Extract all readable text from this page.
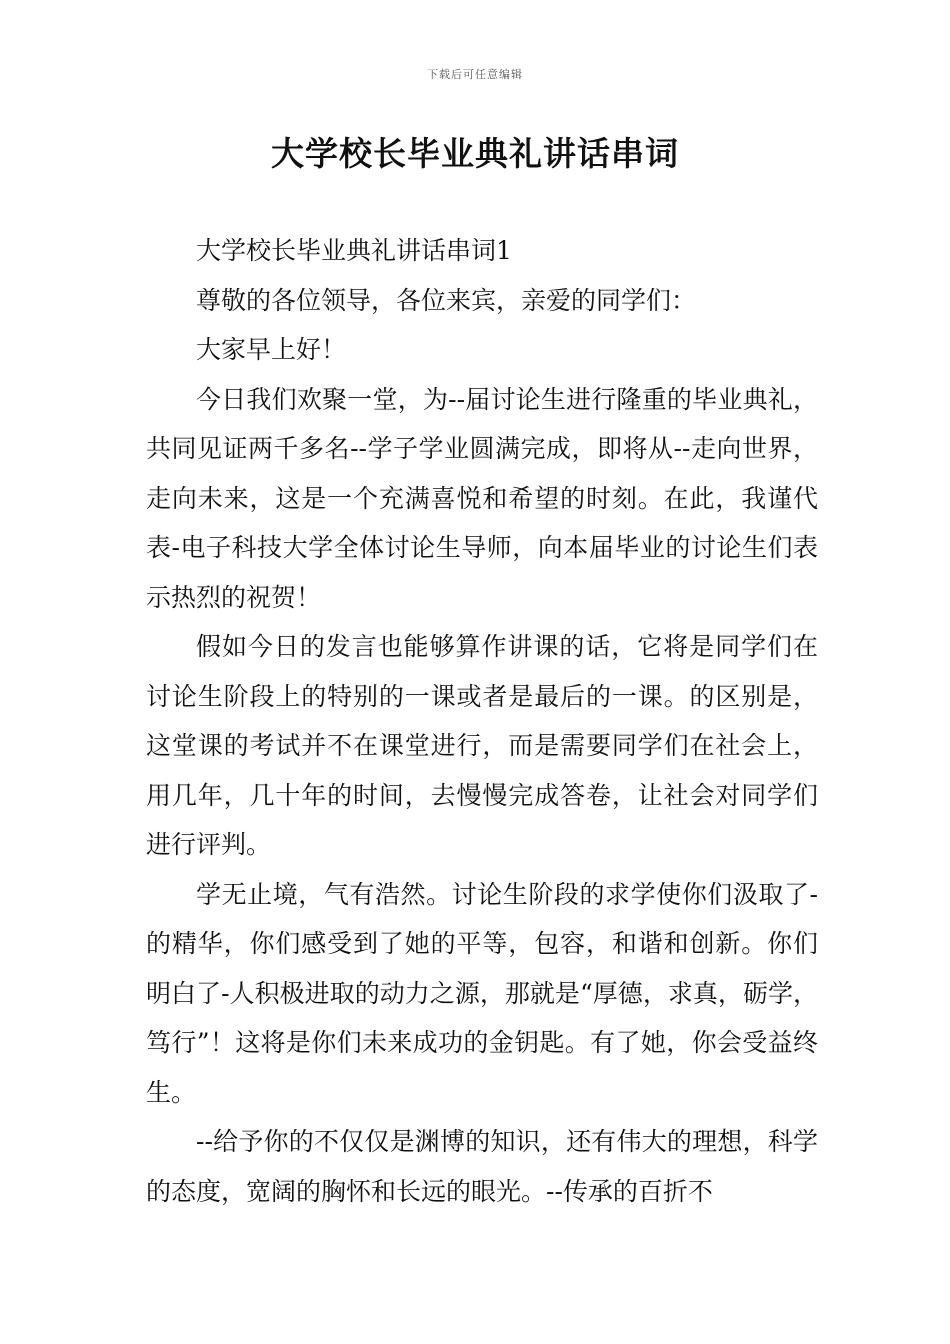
下载后可任意编辑
大学校长毕业典礼讲话串词

大学校长毕业典礼讲话串词1

尊敬的各位领导，各位来宾，亲爱的同学们：

大家早上好！

今日我们欢聚一堂，为--届讨论生进行隆重的毕业典礼，共同见证两千多名--学子学业圆满完成，即将从--走向世界，走向未来，这是一个充满喜悦和希望的时刻。在此，我谨代表-电子科技大学全体讨论生导师，向本届毕业的讨论生们表示热烈的祝贺！

假如今日的发言也能够算作讲课的话，它将是同学们在讨论生阶段上的特别的一课或者是最后的一课。的区别是，这堂课的考试并不在课堂进行，而是需要同学们在社会上，用几年，几十年的时间，去慢慢完成答卷，让社会对同学们进行评判。

学无止境，气有浩然。讨论生阶段的求学使你们汲取了-的精华，你们感受到了她的平等，包容，和谐和创新。你们明白了-人积极进取的动力之源，那就是“厚德，求真，砺学，笃行”！这将是你们未来成功的金钥匙。有了她，你会受益终生。

--给予你的不仅仅是渊博的知识，还有伟大的理想，科学的态度，宽阔的胸怀和长远的眼光。--传承的百折不
